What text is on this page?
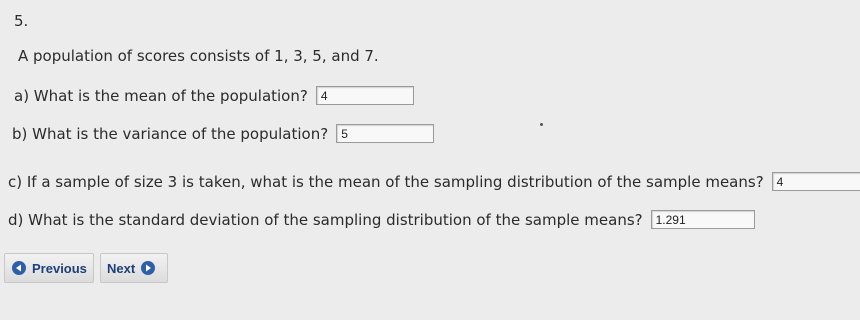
5.
A population of scores consists of 1, 3, 5, and 7.
a) What is the mean of the population?	4
b) What is the variance of the population?	5
c) If a sample of size 3 is taken, what is the mean of the sampling distribution of the sample means?	4
d) What is the standard deviation of the sampling distribution of the sample means?	1.291
Previous Next
